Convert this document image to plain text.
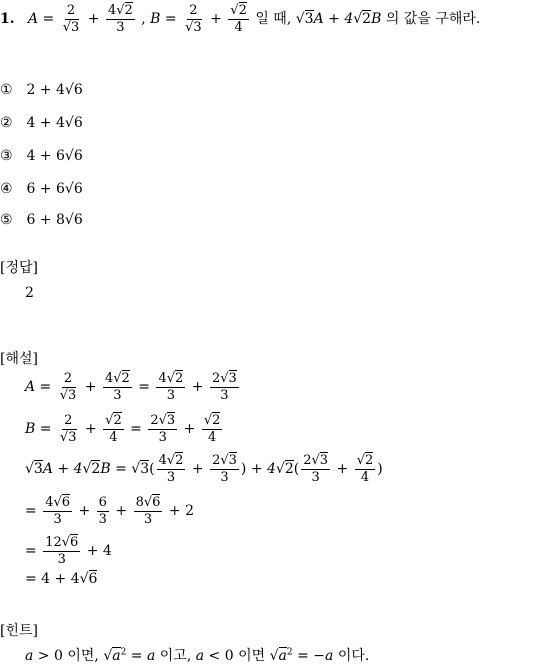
1. $A = \frac{2}{√3} + \frac{4√2}{3}$ , $B = \frac{2}{√3} + \frac{√2}{4}$ 일 때, √3A + 4√2B 의 값을 구해라.
① 2 + 4√6
② 4 + 4√6
③ 4 + 6√6
④ 6 + 6√6
⑤ 6 + 8√6
[정답]
2
[해설]
$A = \frac{2}{√3} + \frac{4√2}{3} = \frac{4√2}{3} + \frac{2√3}{3}$
$B = \frac{2}{√3} + \frac{√2}{4} = \frac{2√3}{3} + \frac{√2}{4}$
$√3A + 4√2B = √3( \frac{4√2}{3} + \frac{2√3}{3}$ ) + $4√2( \frac{2√3}{3} + \frac{√2}{4}$ )
= $\frac{4√6}{3} + \frac{6}{3} + \frac{8√6}{3} + 2$
= $\frac{12√6}{3} + 4$
= 4 + 4√6
[힌트]
a > 0 이면, $√a^2 = a$ 이고, a < 0 이면 $√a^2 = -a$ 이다.
